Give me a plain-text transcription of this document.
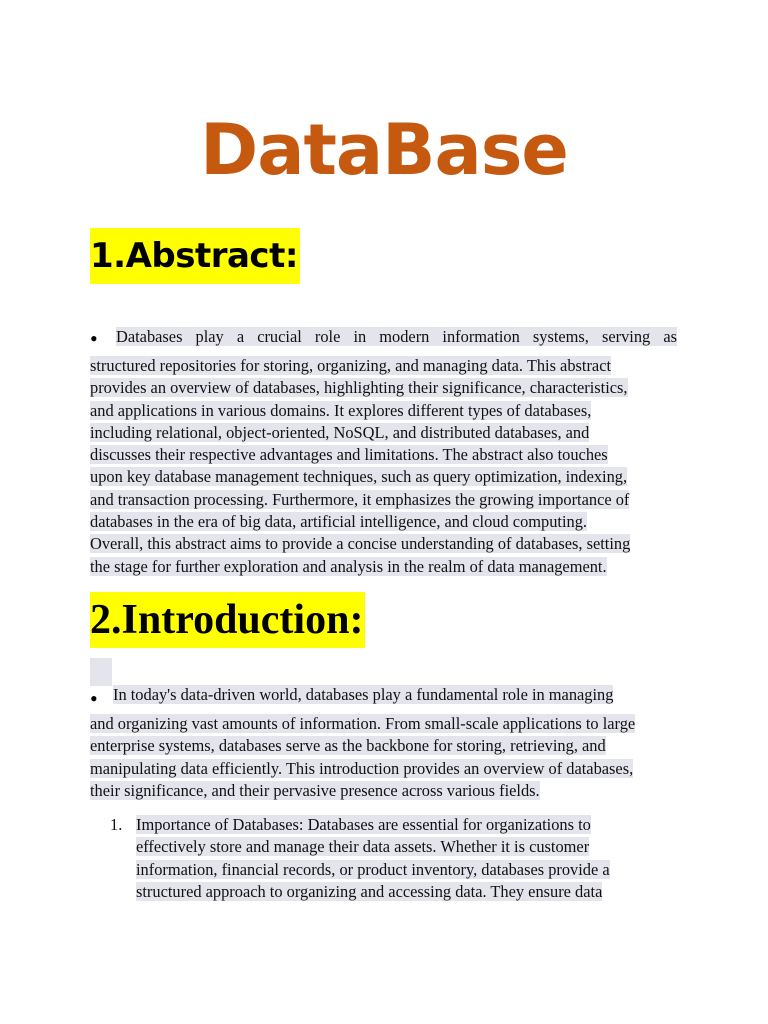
DataBase
1.Abstract:
• Databases play a crucial role in modern information systems, serving as

structured repositories for storing, organizing, and managing data. This abstract
provides an overview of databases, highlighting their significance, characteristics,
and applications in various domains. It explores different types of databases,
including relational, object-oriented, NoSQL, and distributed databases, and
discusses their respective advantages and limitations. The abstract also touches
upon key database management techniques, such as query optimization, indexing,
and transaction processing. Furthermore, it emphasizes the growing importance of
databases in the era of big data, artificial intelligence, and cloud computing.
Overall, this abstract aims to provide a concise understanding of databases, setting
the stage for further exploration and analysis in the realm of data management.
2.Introduction:
• In today's data-driven world, databases play a fundamental role in managing

and organizing vast amounts of information. From small-scale applications to large
enterprise systems, databases serve as the backbone for storing, retrieving, and
manipulating data efficiently. This introduction provides an overview of databases,
their significance, and their pervasive presence across various fields.
1. Importance of Databases: Databases are essential for organizations to
effectively store and manage their data assets. Whether it is customer
information, financial records, or product inventory, databases provide a
structured approach to organizing and accessing data. They ensure data
